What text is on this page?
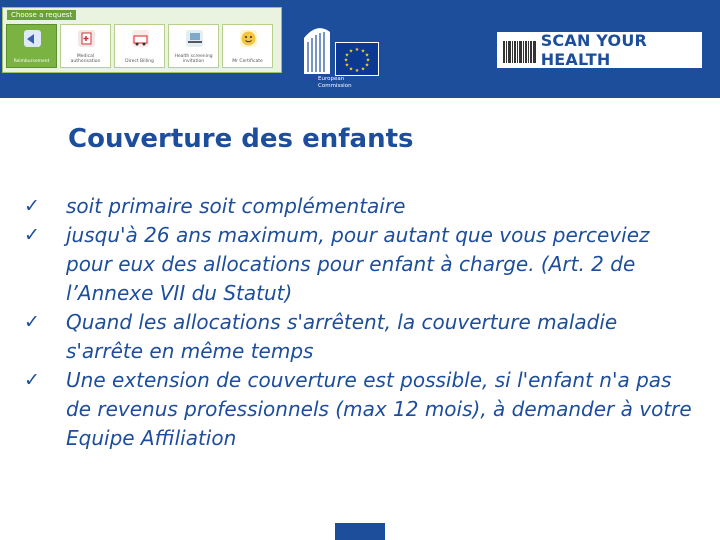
Choose a request
Reimbursement
Medical authorisation	Direct Billing
Health screening invitation	Mr Certificate
★ ★
★
★
★
★
★
★
★
★
★
★
European
Commission
SCAN YOUR HEALTH
Couverture des enfants
✓	soit primaire soit complémentaire
✓	jusqu'à 26 ans maximum, pour autant que vous perceviez pour eux des allocations pour enfant à charge. (Art. 2 de l’Annexe VII du Statut)
✓	Quand les allocations s'arrêtent, la couverture maladie s'arrête en même temps
✓	Une extension de couverture est possible, si l'enfant n'a pas de revenus professionnels (max 12 mois), à demander à votre Equipe Affiliation
